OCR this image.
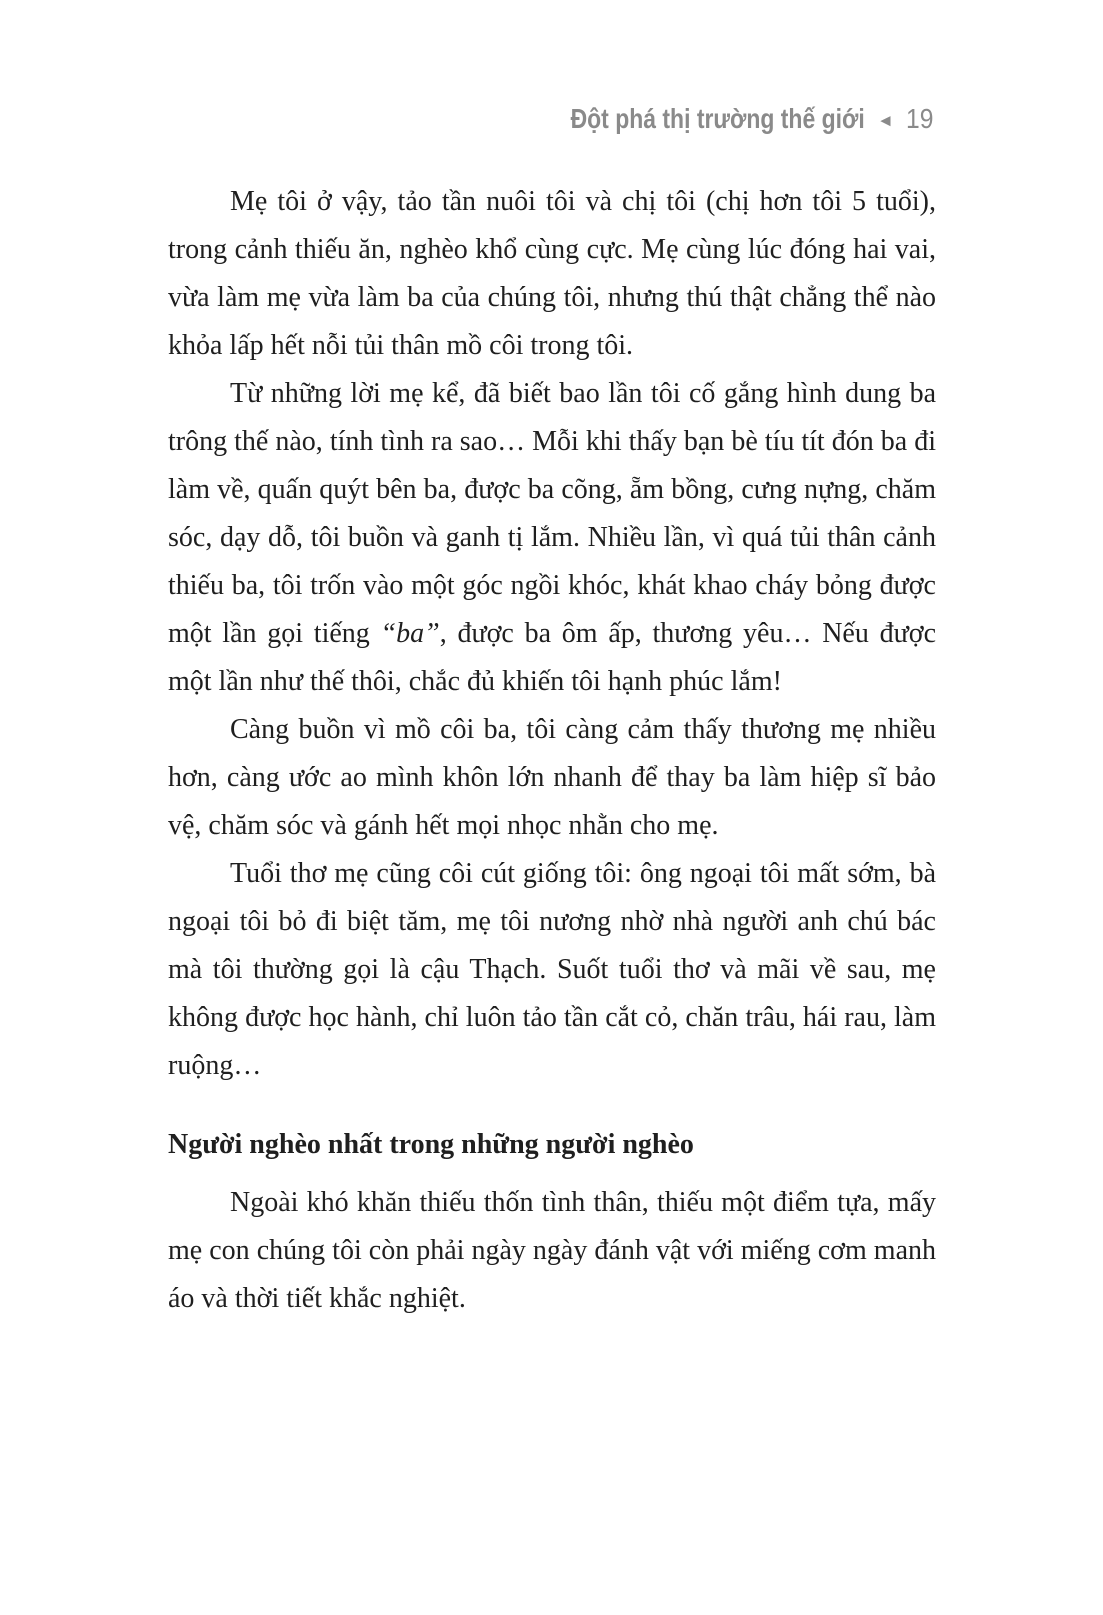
Đột phá thị trường thế giới ◄ 19

Mẹ tôi ở vậy, tảo tần nuôi tôi và chị tôi (chị hơn tôi 5 tuổi), trong cảnh thiếu ăn, nghèo khổ cùng cực. Mẹ cùng lúc đóng hai vai, vừa làm mẹ vừa làm ba của chúng tôi, nhưng thú thật chẳng thể nào khỏa lấp hết nỗi tủi thân mồ côi trong tôi.

Từ những lời mẹ kể, đã biết bao lần tôi cố gắng hình dung ba trông thế nào, tính tình ra sao… Mỗi khi thấy bạn bè tíu tít đón ba đi làm về, quấn quýt bên ba, được ba cõng, ẵm bồng, cưng nựng, chăm sóc, dạy dỗ, tôi buồn và ganh tị lắm. Nhiều lần, vì quá tủi thân cảnh thiếu ba, tôi trốn vào một góc ngồi khóc, khát khao cháy bỏng được một lần gọi tiếng “ba”, được ba ôm ấp, thương yêu… Nếu được một lần như thế thôi, chắc đủ khiến tôi hạnh phúc lắm!

Càng buồn vì mồ côi ba, tôi càng cảm thấy thương mẹ nhiều hơn, càng ước ao mình khôn lớn nhanh để thay ba làm hiệp sĩ bảo vệ, chăm sóc và gánh hết mọi nhọc nhằn cho mẹ.

Tuổi thơ mẹ cũng côi cút giống tôi: ông ngoại tôi mất sớm, bà ngoại tôi bỏ đi biệt tăm, mẹ tôi nương nhờ nhà người anh chú bác mà tôi thường gọi là cậu Thạch. Suốt tuổi thơ và mãi về sau, mẹ không được học hành, chỉ luôn tảo tần cắt cỏ, chăn trâu, hái rau, làm ruộng…

Người nghèo nhất trong những người nghèo

Ngoài khó khăn thiếu thốn tình thân, thiếu một điểm tựa, mấy mẹ con chúng tôi còn phải ngày ngày đánh vật với miếng cơm manh áo và thời tiết khắc nghiệt.
